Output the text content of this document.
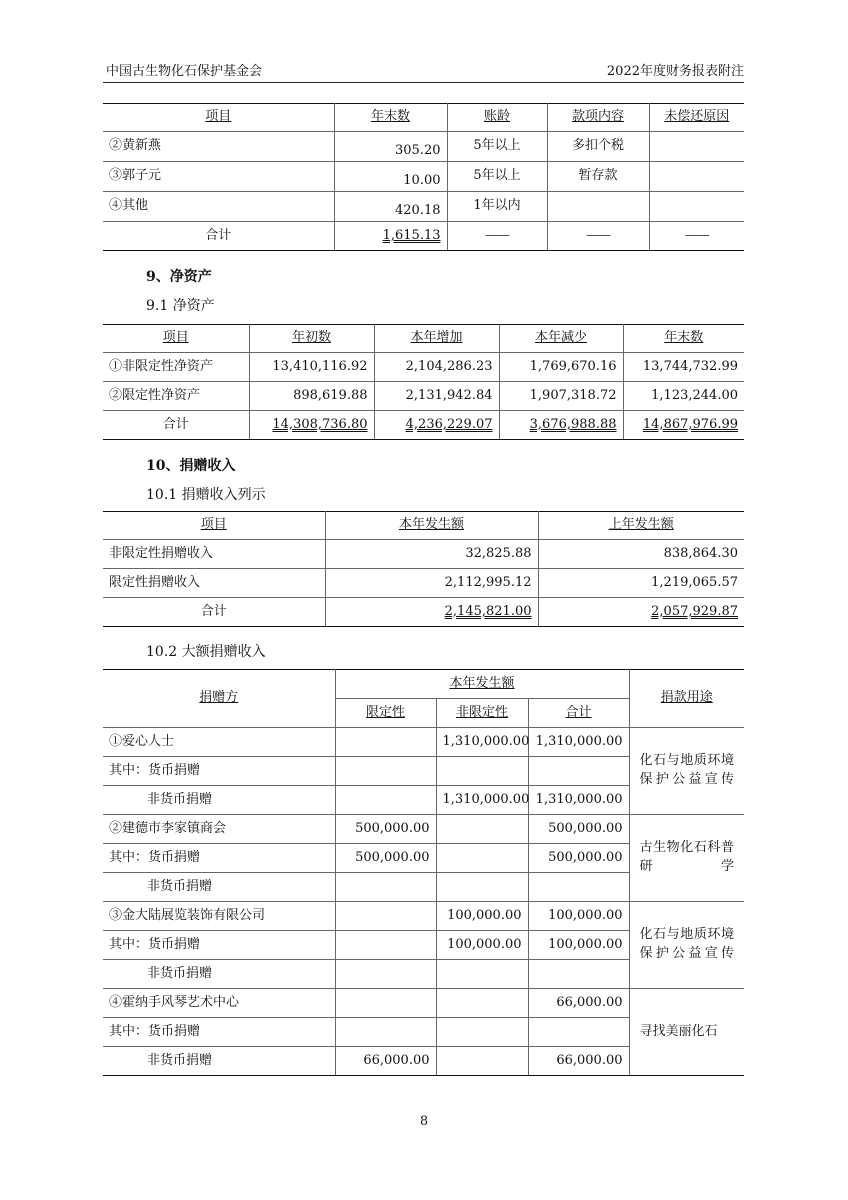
中国古生物化石保护基金会	2022年度财务报表附注
项目	年末数	账龄	款项内容	未偿还原因
②黄新燕	305.20	5年以上	多扣个税	
③郭子元	10.00	5年以上	暂存款	
④其他	420.18	1年以内		
合计	1,615.13	——	——	——
9、净资产
9.1 净资产
项目	年初数	本年增加	本年减少	年末数
①非限定性净资产	13,410,116.92	2,104,286.23	1,769,670.16	13,744,732.99
②限定性净资产	898,619.88	2,131,942.84	1,907,318.72	1,123,244.00
合计	14,308,736.80	4,236,229.07	3,676,988.88	14,867,976.99
10、捐赠收入
10.1 捐赠收入列示
项目	本年发生额	上年发生额
非限定性捐赠收入	32,825.88	838,864.30
限定性捐赠收入	2,112,995.12	1,219,065.57
合计	2,145,821.00	2,057,929.87
10.2 大额捐赠收入
捐赠方	本年发生额			捐款用途
	限定性	非限定性	合计	
①爱心人士		1,310,000.00	1,310,000.00	化石与地质环境保护公益宣传
其中：货币捐赠				
非货币捐赠		1,310,000.00	1,310,000.00	
②建德市李家镇商会	500,000.00		500,000.00	古生物化石科普研学
其中：货币捐赠	500,000.00		500,000.00	
非货币捐赠				
③金大陆展览装饰有限公司		100,000.00	100,000.00	化石与地质环境保护公益宣传
其中：货币捐赠		100,000.00	100,000.00	
非货币捐赠				
④霍纳手风琴艺术中心			66,000.00	寻找美丽化石
其中：货币捐赠				
非货币捐赠	66,000.00		66,000.00	
8
